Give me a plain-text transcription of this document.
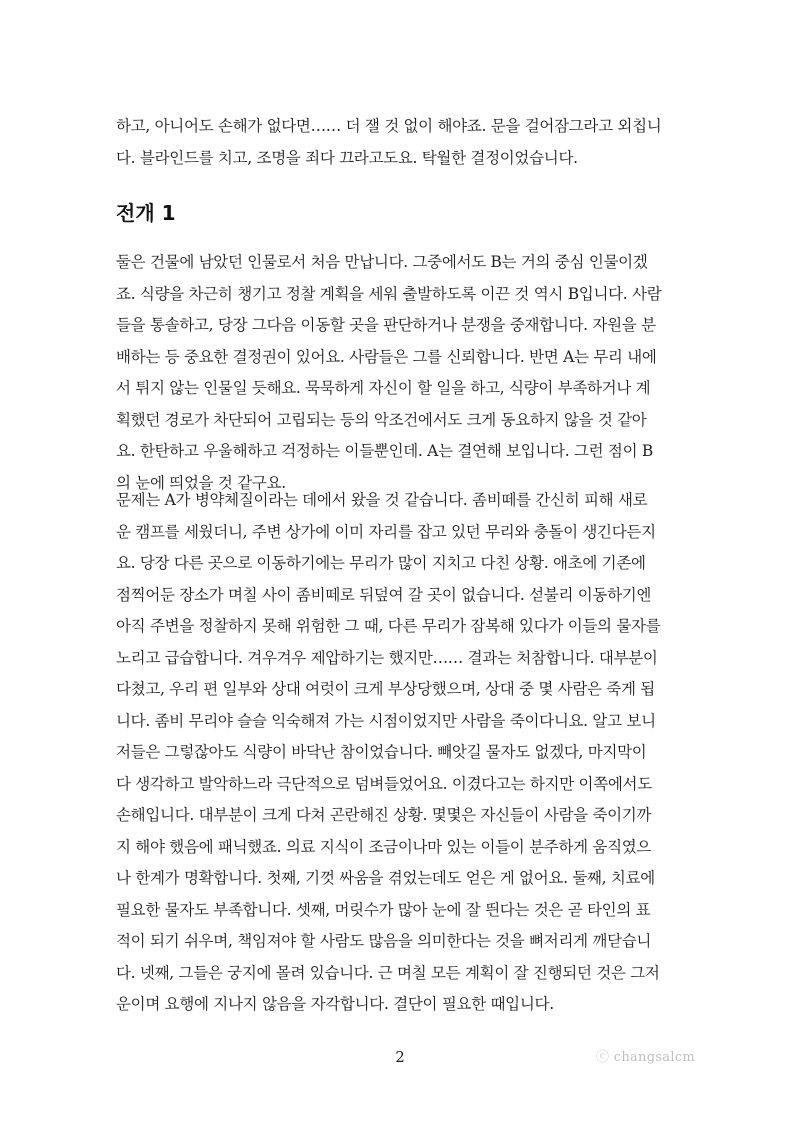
하고, 아니어도 손해가 없다면…… 더 잴 것 없이 해야죠. 문을 걸어잠그라고 외칩니
다. 블라인드를 치고, 조명을 죄다 끄라고도요. 탁월한 결정이었습니다.
전개 1
둘은 건물에 남았던 인물로서 처음 만납니다. 그중에서도 B는 거의 중심 인물이겠
죠. 식량을 차근히 챙기고 정찰 계획을 세워 출발하도록 이끈 것 역시 B입니다. 사람
들을 통솔하고, 당장 그다음 이동할 곳을 판단하거나 분쟁을 중재합니다. 자원을 분
배하는 등 중요한 결정권이 있어요. 사람들은 그를 신뢰합니다. 반면 A는 무리 내에
서 튀지 않는 인물일 듯해요. 묵묵하게 자신이 할 일을 하고, 식량이 부족하거나 계
획했던 경로가 차단되어 고립되는 등의 악조건에서도 크게 동요하지 않을 것 같아
요. 한탄하고 우울해하고 걱정하는 이들뿐인데. A는 결연해 보입니다. 그런 점이 B
의 눈에 띄었을 것 같구요.
문제는 A가 병약체질이라는 데에서 왔을 것 같습니다. 좀비떼를 간신히 피해 새로
운 캠프를 세웠더니, 주변 상가에 이미 자리를 잡고 있던 무리와 충돌이 생긴다든지
요. 당장 다른 곳으로 이동하기에는 무리가 많이 지치고 다친 상황. 애초에 기존에
점찍어둔 장소가 며칠 사이 좀비떼로 뒤덮여 갈 곳이 없습니다. 섣불리 이동하기엔
아직 주변을 정찰하지 못해 위험한 그 때, 다른 무리가 잠복해 있다가 이들의 물자를
노리고 급습합니다. 겨우겨우 제압하기는 했지만…… 결과는 처참합니다. 대부분이
다쳤고, 우리 편 일부와 상대 여럿이 크게 부상당했으며, 상대 중 몇 사람은 죽게 됩
니다. 좀비 무리야 슬슬 익숙해져 가는 시점이었지만 사람을 죽이다니요. 알고 보니
저들은 그렇잖아도 식량이 바닥난 참이었습니다. 빼앗길 물자도 없겠다, 마지막이
다 생각하고 발악하느라 극단적으로 덤벼들었어요. 이겼다고는 하지만 이쪽에서도
손해입니다. 대부분이 크게 다쳐 곤란해진 상황. 몇몇은 자신들이 사람을 죽이기까
지 해야 했음에 패닉했죠. 의료 지식이 조금이나마 있는 이들이 분주하게 움직였으
나 한계가 명확합니다. 첫째, 기껏 싸움을 겪었는데도 얻은 게 없어요. 둘째, 치료에
필요한 물자도 부족합니다. 셋째, 머릿수가 많아 눈에 잘 띈다는 것은 곧 타인의 표
적이 되기 쉬우며, 책임져야 할 사람도 많음을 의미한다는 것을 뼈저리게 깨닫습니
다. 넷째, 그들은 궁지에 몰려 있습니다. 근 며칠 모든 계획이 잘 진행되던 것은 그저
운이며 요행에 지나지 않음을 자각합니다. 결단이 필요한 때입니다.
2	ⓒ changsalcm
